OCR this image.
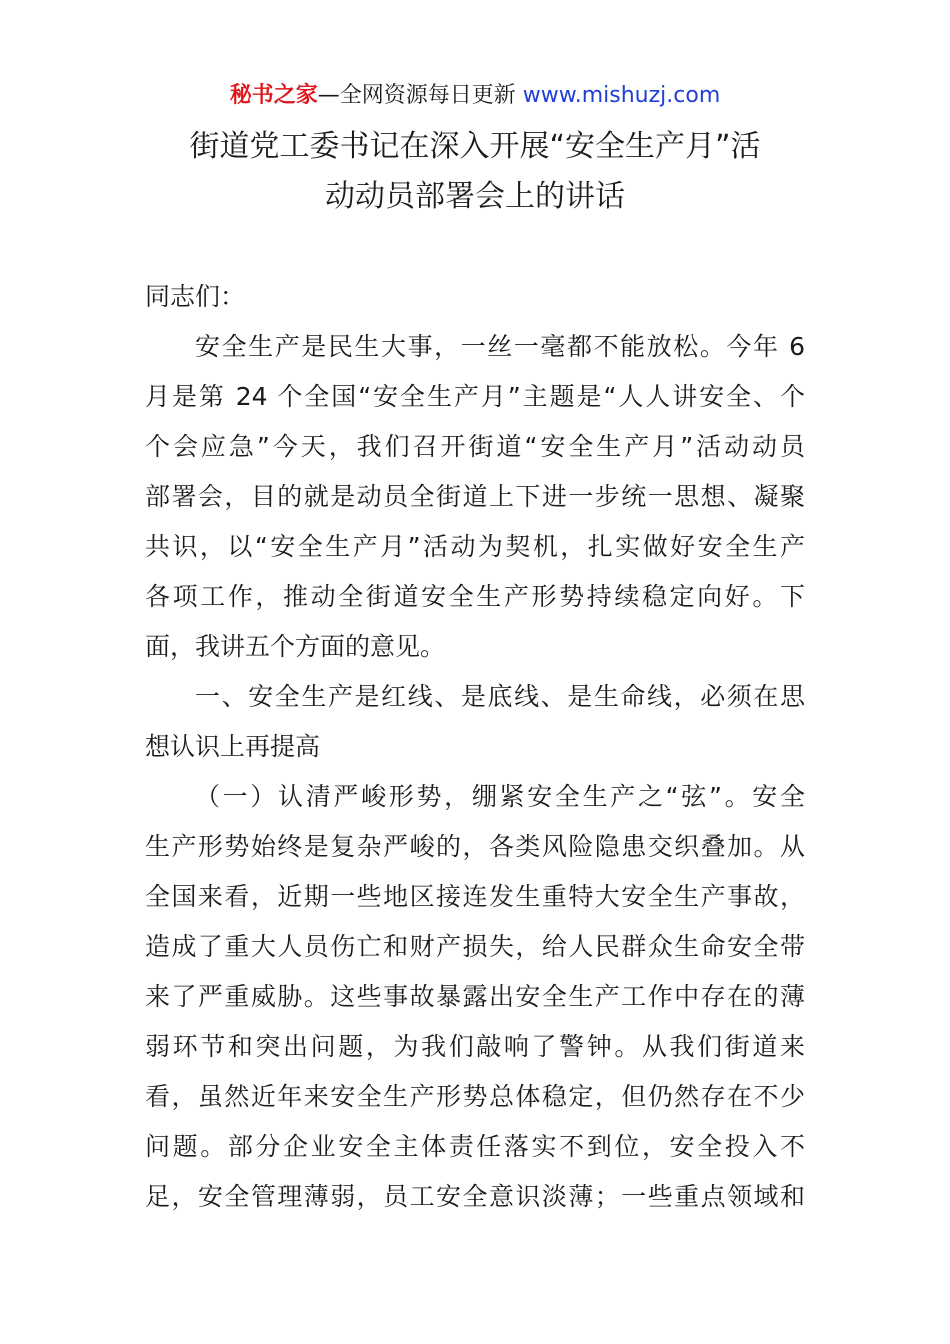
秘书之家—全网资源每日更新 www.mishuzj.com
街道党工委书记在深入开展“安全生产月”活
动动员部署会上的讲话
同志们：
安全生产是民生大事，一丝一毫都不能放松。今年 6
月是第 24 个全国“安全生产月”主题是“人人讲安全、个
个会应急”今天，我们召开街道“安全生产月”活动动员
部署会，目的就是动员全街道上下进一步统一思想、凝聚
共识，以“安全生产月”活动为契机，扎实做好安全生产
各项工作，推动全街道安全生产形势持续稳定向好。下
面，我讲五个方面的意见。
一、安全生产是红线、是底线、是生命线，必须在思
想认识上再提高
（一）认清严峻形势，绷紧安全生产之“弦”。安全
生产形势始终是复杂严峻的，各类风险隐患交织叠加。从
全国来看，近期一些地区接连发生重特大安全生产事故，
造成了重大人员伤亡和财产损失，给人民群众生命安全带
来了严重威胁。这些事故暴露出安全生产工作中存在的薄
弱环节和突出问题，为我们敲响了警钟。从我们街道来
看，虽然近年来安全生产形势总体稳定，但仍然存在不少
问题。部分企业安全主体责任落实不到位，安全投入不
足，安全管理薄弱，员工安全意识淡薄；一些重点领域和
